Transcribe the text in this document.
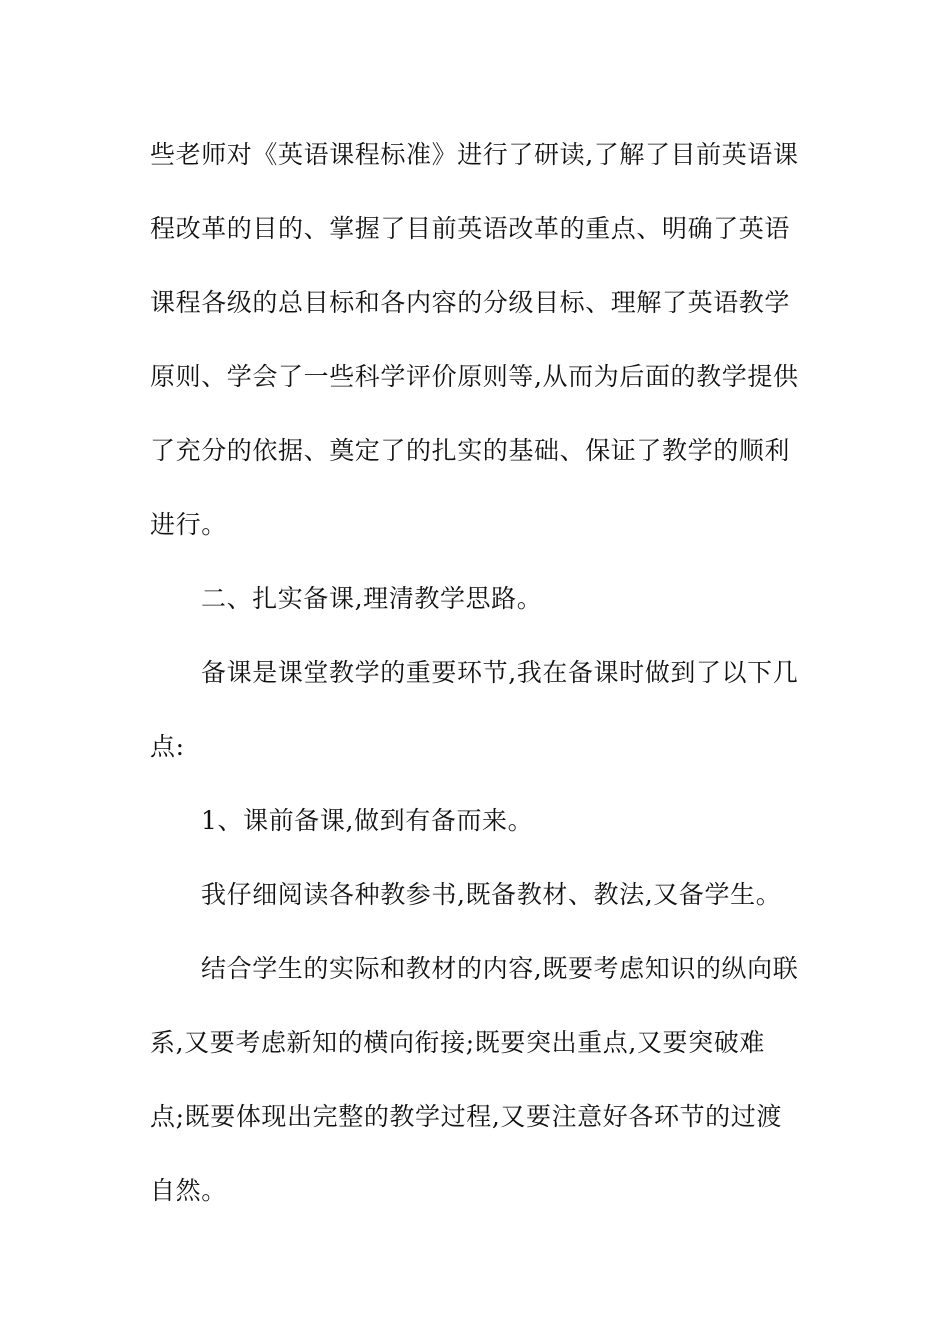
些老师对《英语课程标准》进行了研读,了解了目前英语课
程改革的目的、掌握了目前英语改革的重点、明确了英语
课程各级的总目标和各内容的分级目标、理解了英语教学
原则、学会了一些科学评价原则等,从而为后面的教学提供
了充分的依据、奠定了的扎实的基础、保证了教学的顺利
进行。
二、扎实备课,理清教学思路。
备课是课堂教学的重要环节,我在备课时做到了以下几
点:
1、课前备课,做到有备而来。
我仔细阅读各种教参书,既备教材、教法,又备学生。
结合学生的实际和教材的内容,既要考虑知识的纵向联
系,又要考虑新知的横向衔接;既要突出重点,又要突破难
点;既要体现出完整的教学过程,又要注意好各环节的过渡
自然。
